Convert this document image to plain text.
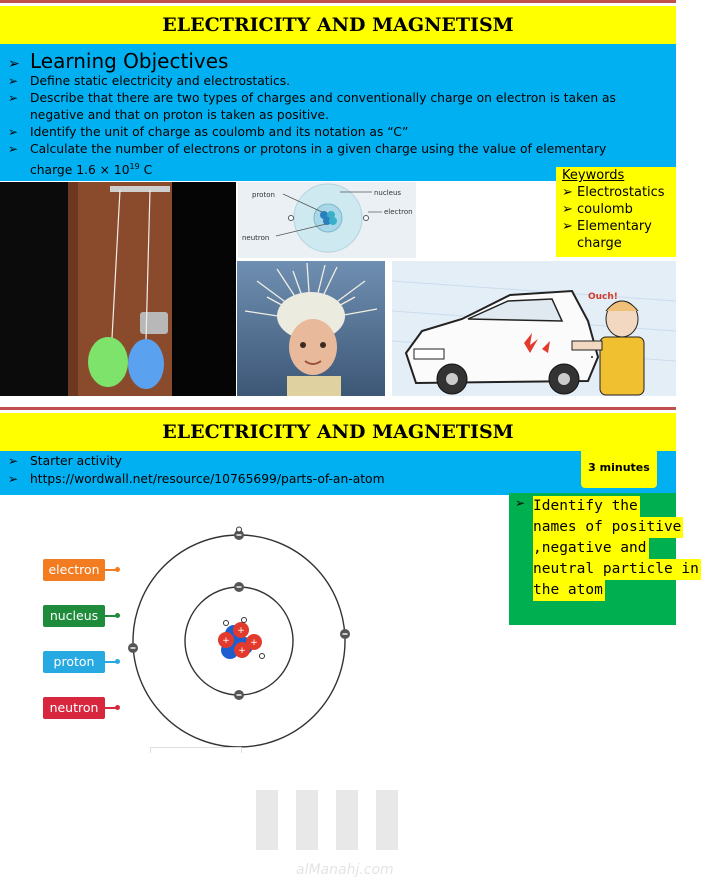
ELECTRICITY AND MAGNETISM
➢ Learning Objectives
➢ Define static electricity and electrostatics.
➢ Describe that there are two types of charges and conventionally charge on electron is taken as
negative and that on proton is taken as positive.
➢ Identify the unit of charge as coulomb and its notation as “C”
➢ Calculate the number of electrons or protons in a given charge using the value of elementary
charge $1.6 \times 10^{19}$ C	Keywords
➢ Electrostatics
➢ coulomb
➢ Elementary
charge
proton	nucleus
electron
neutron
Ouch!
ELECTRICITY AND MAGNETISM
➢ Starter activity
➢ https://wordwall.net/resource/10765699/parts-of-an-atom
3 minutes
➢ Identify the
names of positive
,negative and
neutral particle in
the atom
electron
nucleus
proton
neutron
+
+
+
+
alManahj.com
